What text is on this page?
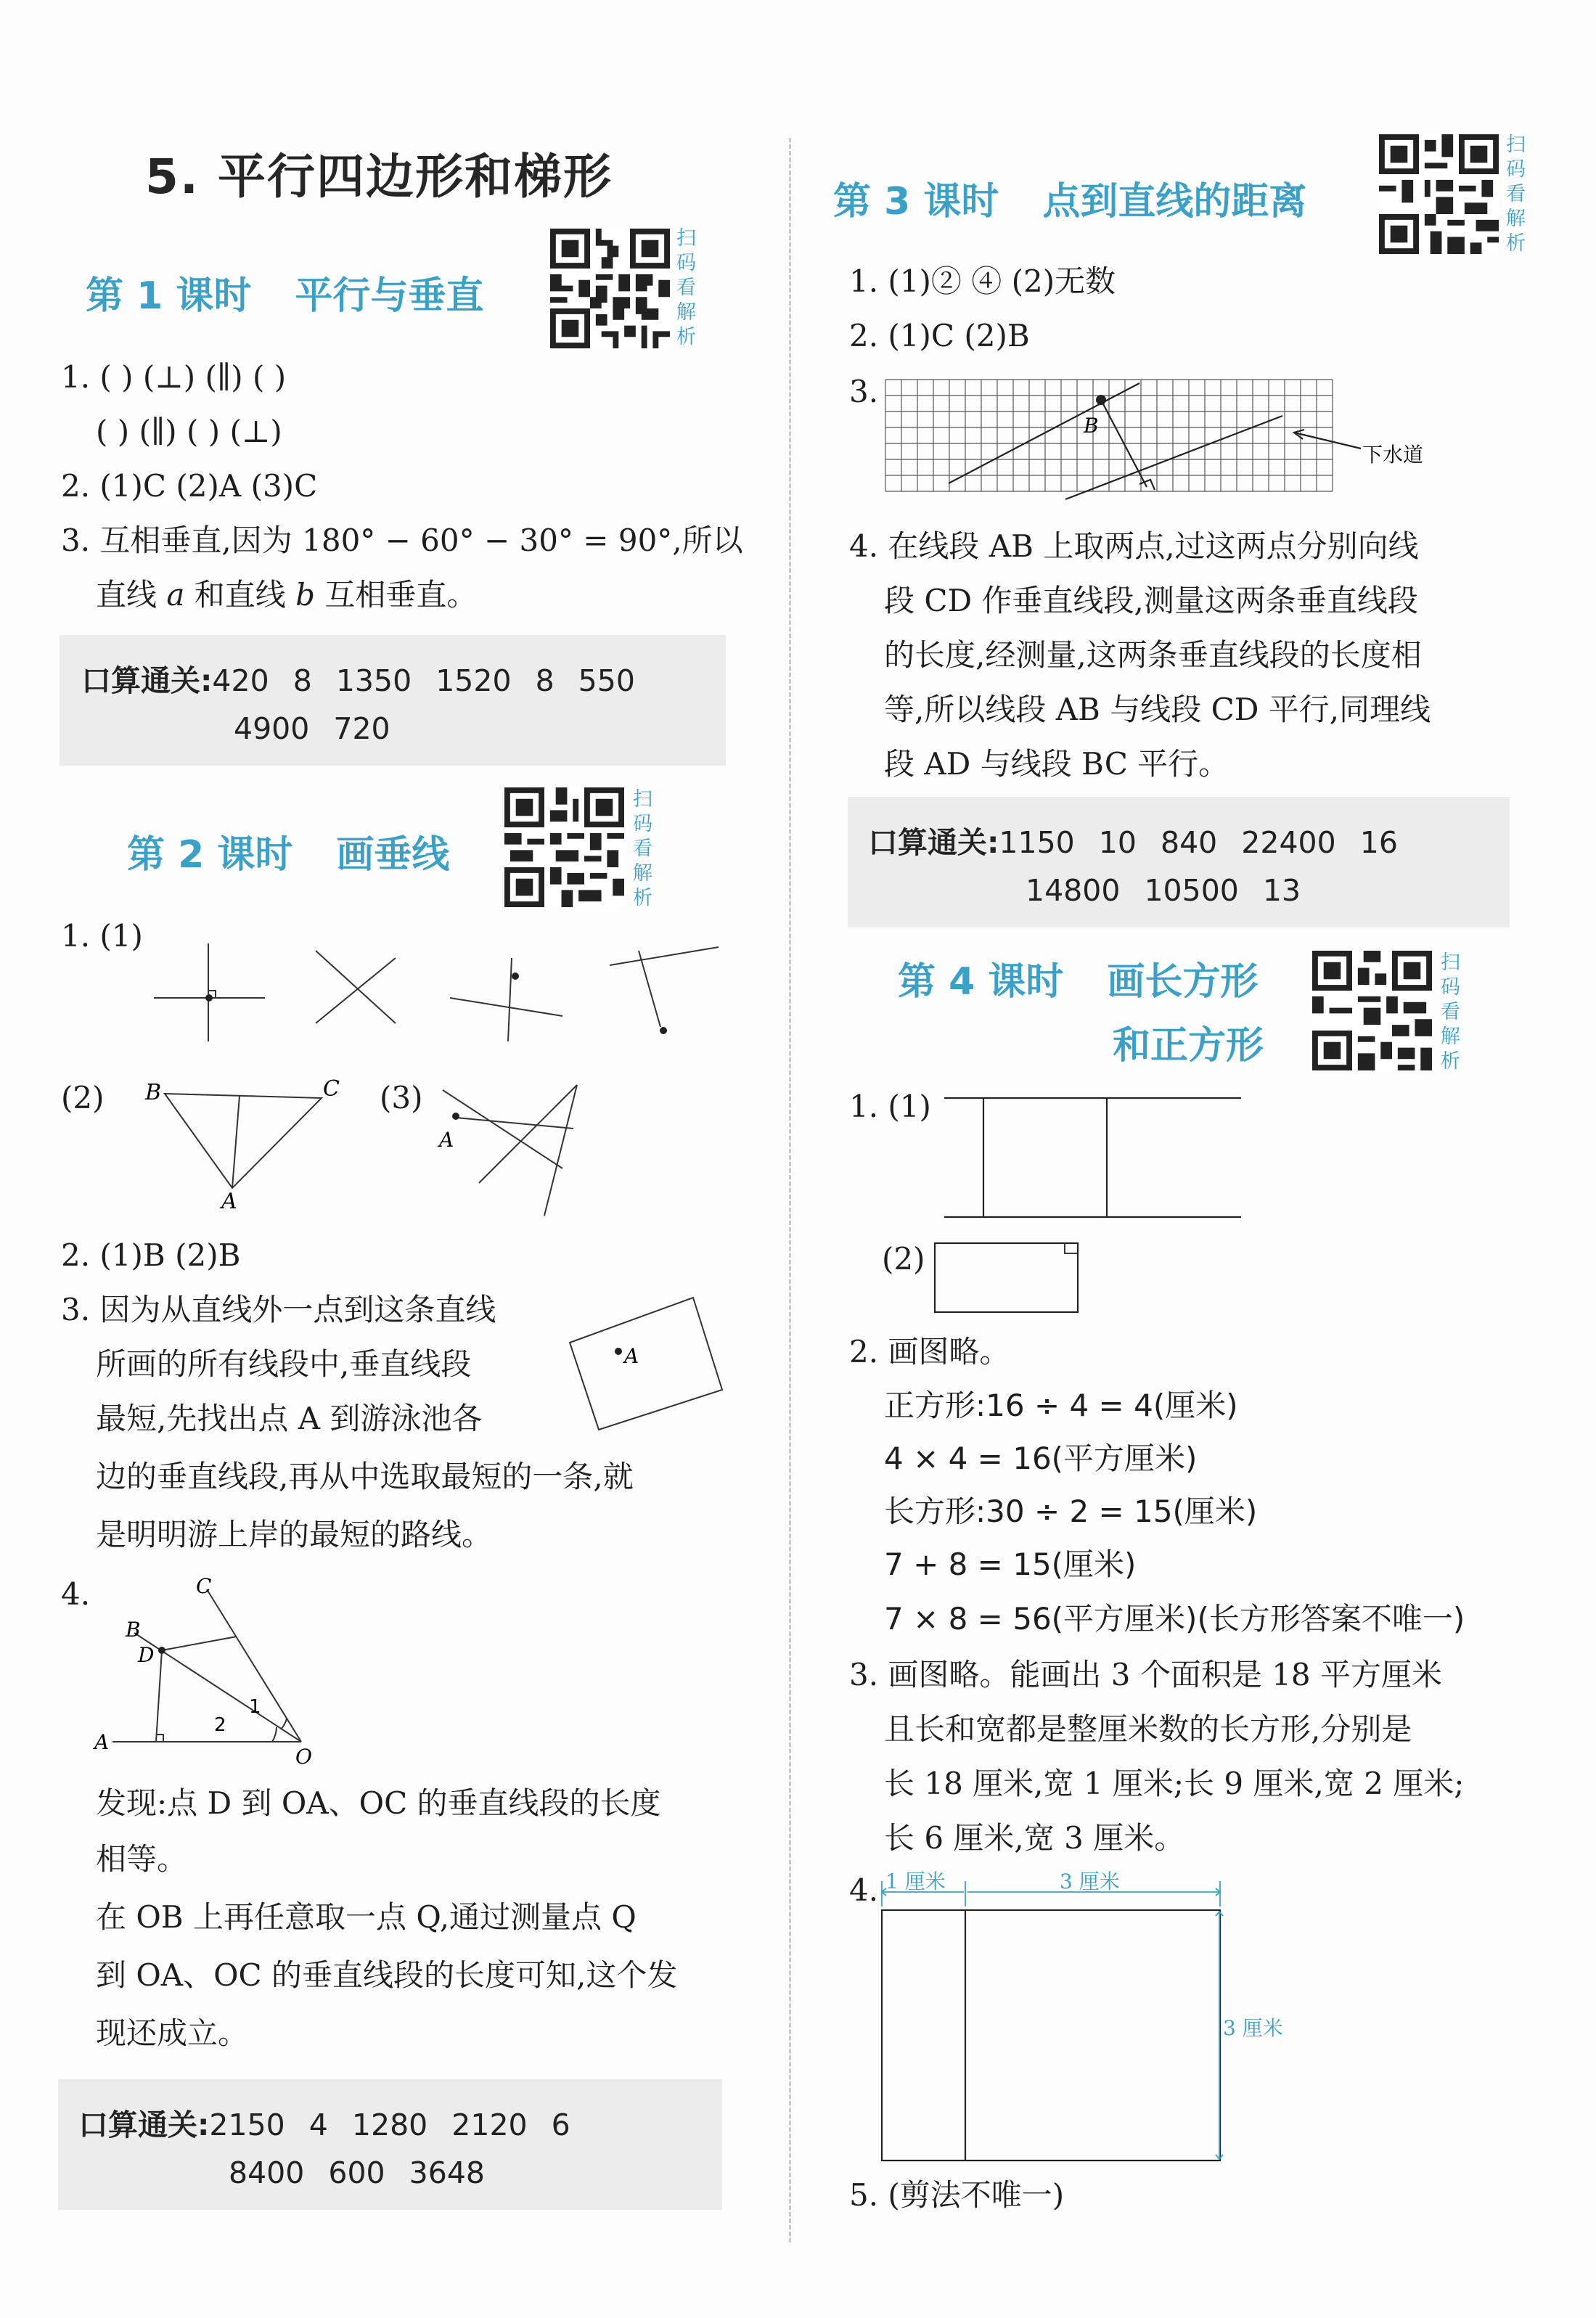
5. 平行四边形和梯形
第 1 课时 平行与垂直
扫
码
看
解
析
1. ( ) (⊥) (∥) ( )
( ) (∥) ( ) (⊥)
2. (1)C (2)A (3)C
3. 互相垂直,因为 180° − 60° − 30° = 90°,所以
直线 a 和直线 b 互相垂直。
口算通关:420 8 1350 1520 8 550
4900 720
第 2 课时 画垂线
扫
码
看
解
析
1. (1)
(2) B	C
A
(3)
A
2. (1)B (2)B
3. 因为从直线外一点到这条直线
所画的所有线段中,垂直线段
最短,先找出点 A 到游泳池各
A
边的垂直线段,再从中选取最短的一条,就
是明明游上岸的最短的路线。
4.	C
B
D
A
O
1
2
发现:点 D 到 OA、OC 的垂直线段的长度
相等。
在 OB 上再任意取一点 Q,通过测量点 Q
到 OA、OC 的垂直线段的长度可知,这个发
现还成立。
口算通关:2150 4 1280 2120 6
8400 600 3648
第 3 课时 点到直线的距离
扫
码
看
解
析
1. (1)② ④ (2)无数
2. (1)C (2)B
3.
B
下水道
4. 在线段 AB 上取两点,过这两点分别向线
段 CD 作垂直线段,测量这两条垂直线段
的长度,经测量,这两条垂直线段的长度相
等,所以线段 AB 与线段 CD 平行,同理线
段 AD 与线段 BC 平行。
口算通关:1150 10 840 22400 16
14800 10500 13
第 4 课时 画长方形
和正方形
扫
码
看
解
析
1. (1)
(2)
2. 画图略。
正方形:16 ÷ 4 = 4(厘米)
4 × 4 = 16(平方厘米)
长方形:30 ÷ 2 = 15(厘米)
7 + 8 = 15(厘米)
7 × 8 = 56(平方厘米)(长方形答案不唯一)
3. 画图略。能画出 3 个面积是 18 平方厘米
且长和宽都是整厘米数的长方形,分别是
长 18 厘米,宽 1 厘米;长 9 厘米,宽 2 厘米;
长 6 厘米,宽 3 厘米。
4. 1 厘米	3 厘米
3 厘米
5. (剪法不唯一)
